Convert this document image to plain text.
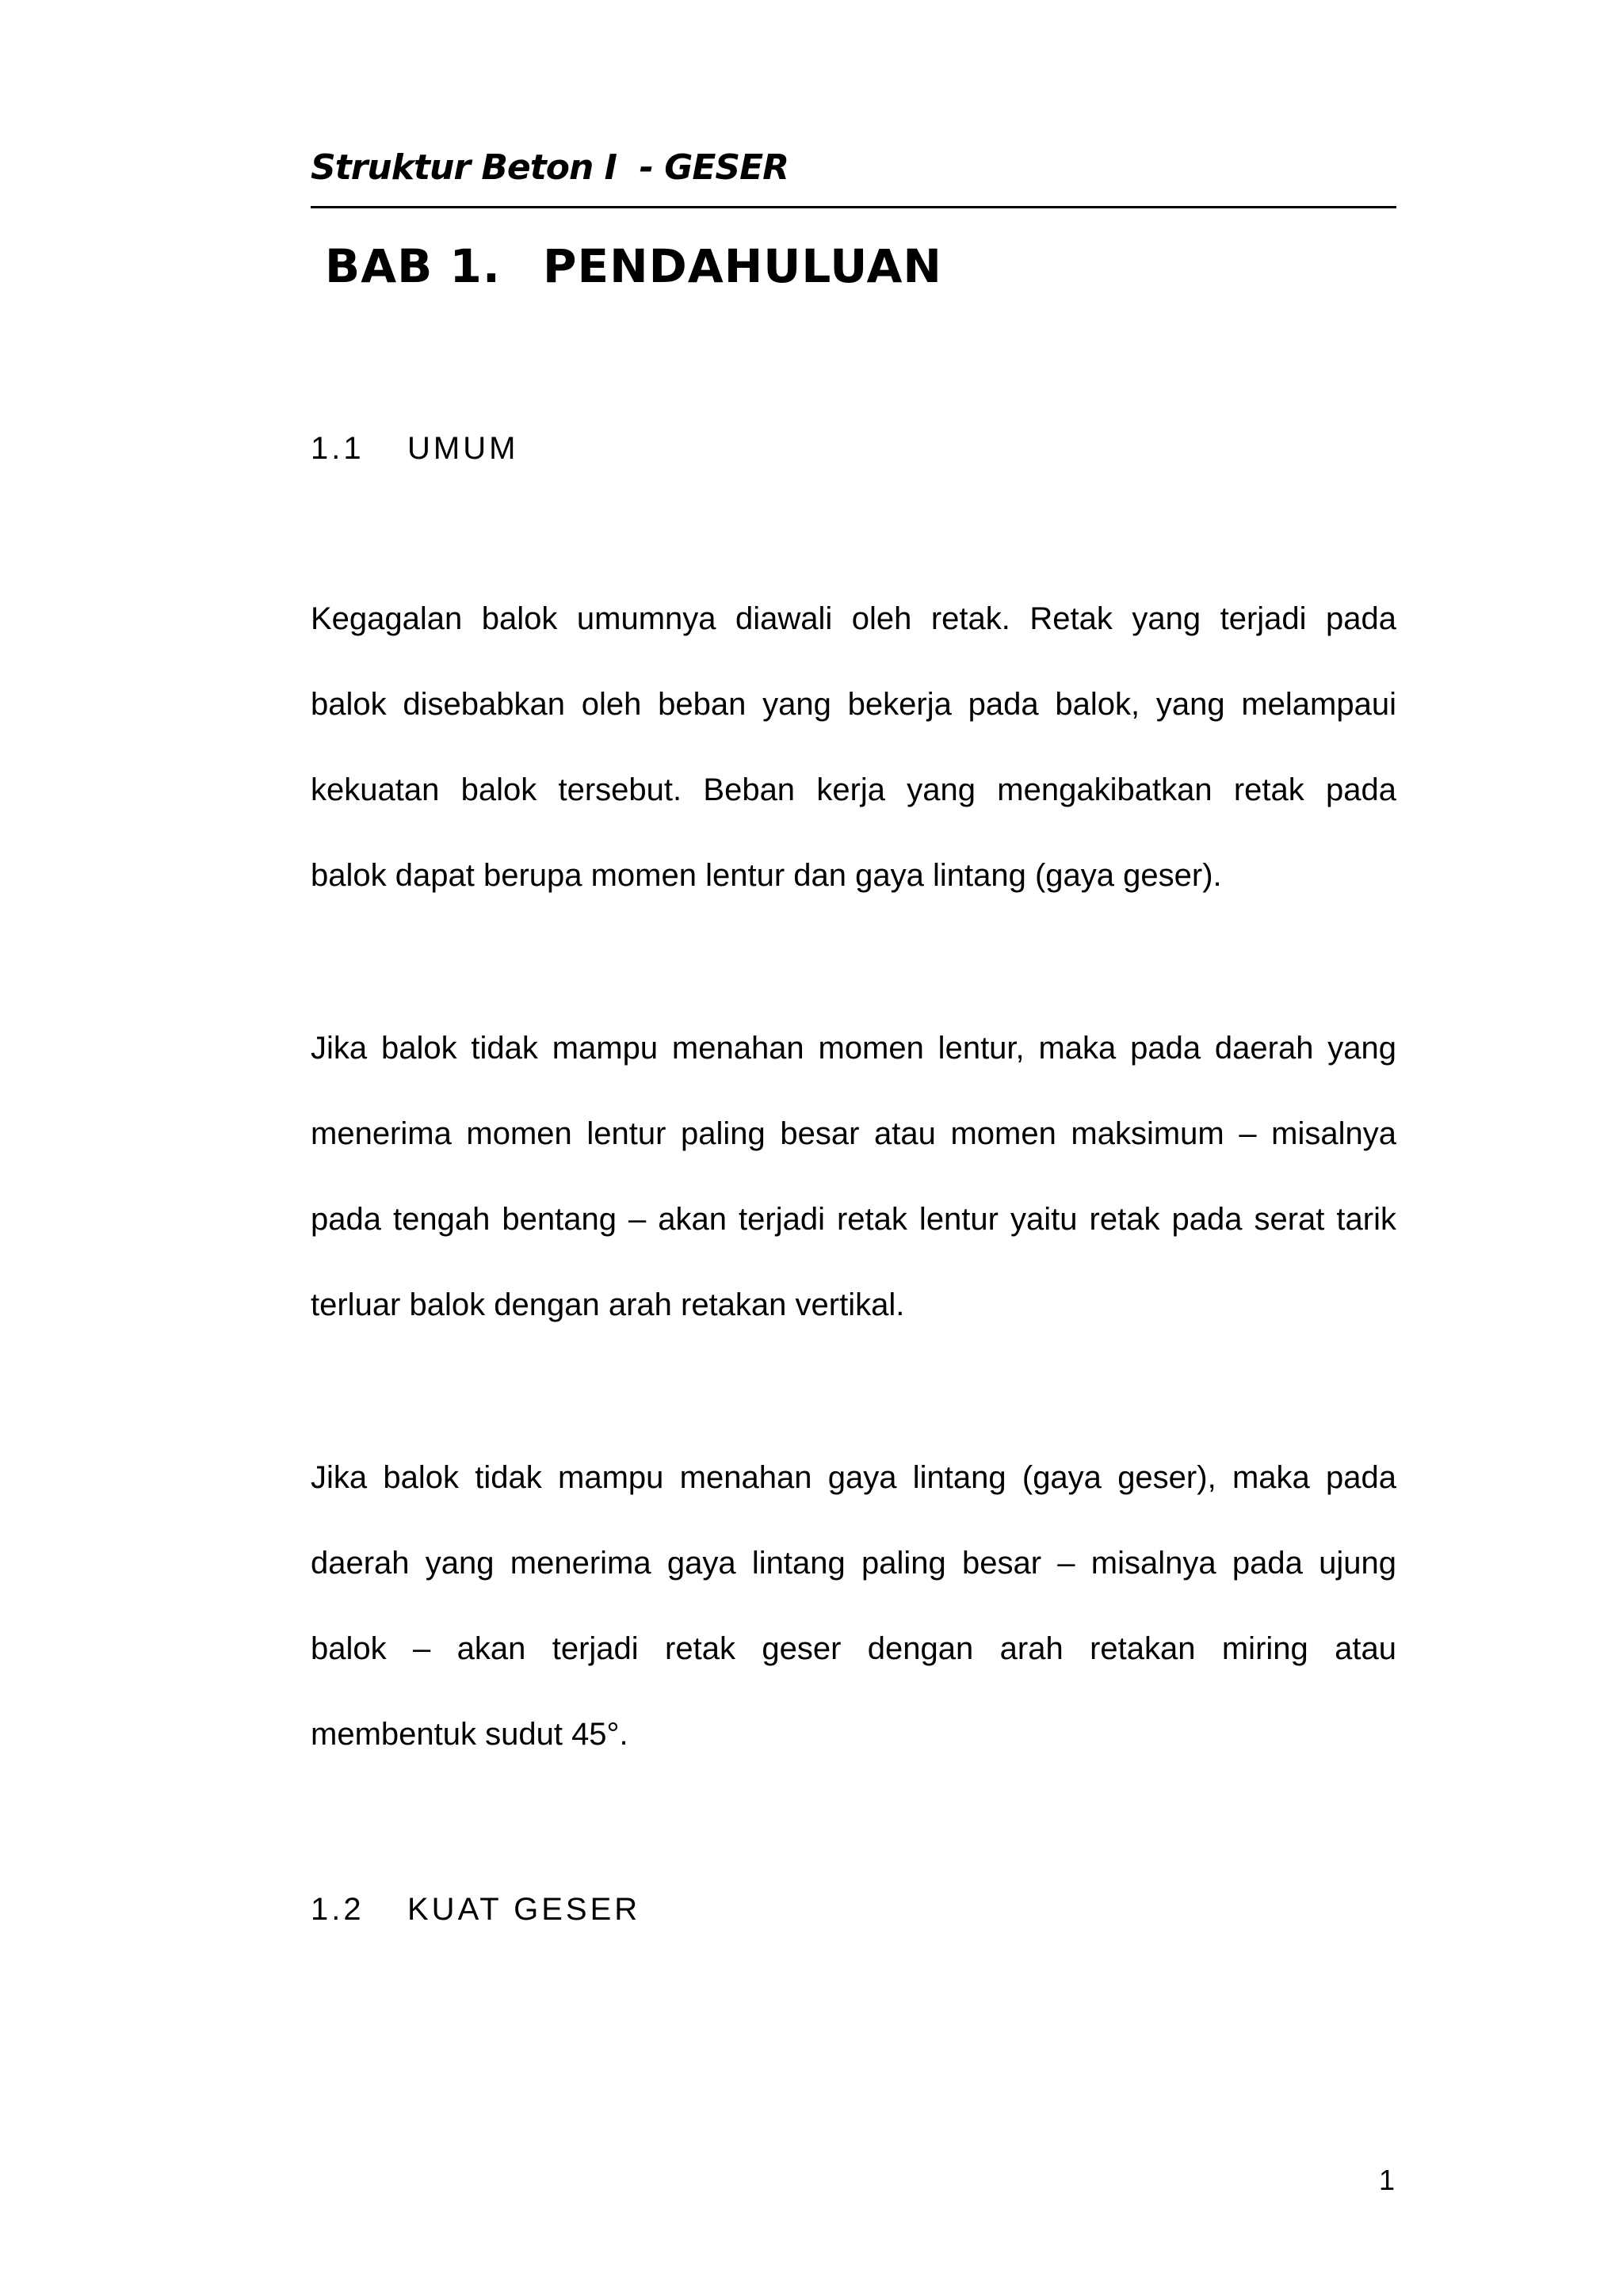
Struktur Beton I  - GESER
BAB 1. PENDAHULUAN
1.1 UMUM
Kegagalan balok umumnya diawali oleh retak. Retak yang terjadi pada
balok disebabkan oleh beban yang bekerja pada balok, yang melampaui
kekuatan balok tersebut. Beban kerja yang mengakibatkan retak pada
balok dapat berupa momen lentur dan gaya lintang (gaya geser).
Jika balok tidak mampu menahan momen lentur, maka pada daerah yang
menerima momen lentur paling besar atau momen maksimum – misalnya
pada tengah bentang – akan terjadi retak lentur yaitu retak pada serat tarik
terluar balok dengan arah retakan vertikal.
Jika balok tidak mampu menahan gaya lintang (gaya geser), maka pada
daerah yang menerima gaya lintang paling besar – misalnya pada ujung
balok – akan terjadi retak geser dengan arah retakan miring atau
membentuk sudut 45°.
1.2 KUAT GESER
1
